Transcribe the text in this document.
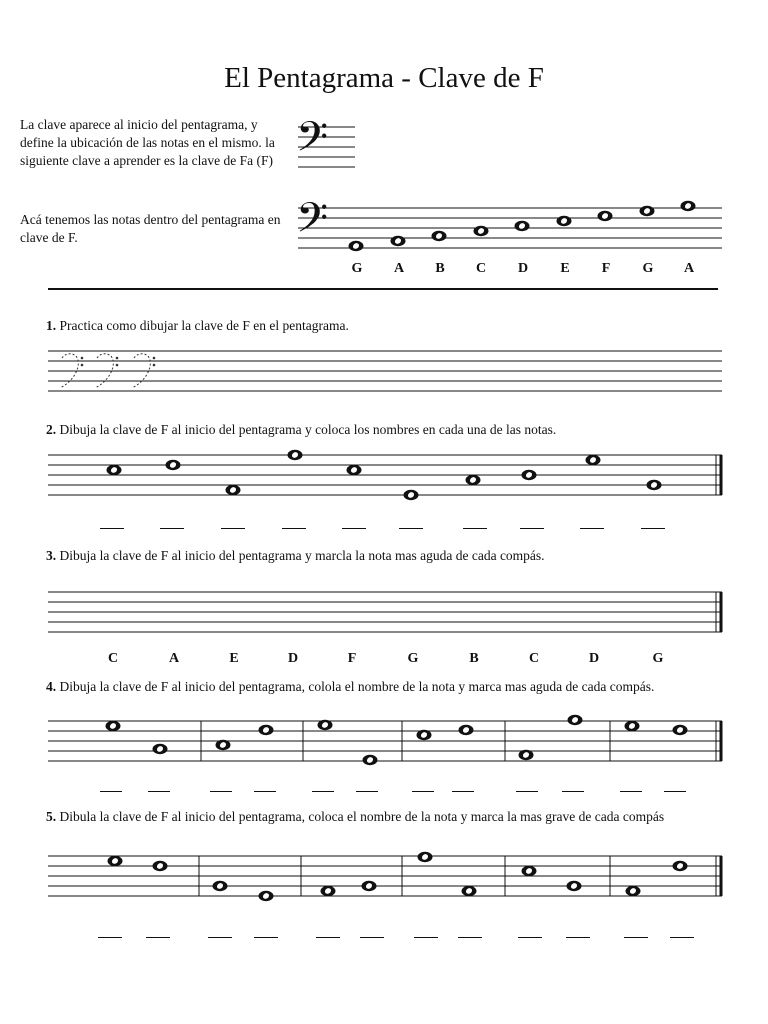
El Pentagrama - Clave de F
La clave aparece al inicio del pentagrama, y define la ubicación de las notas en el mismo. la siguiente clave a aprender es la clave de Fa (F)
Acá tenemos las notas dentro del pentagrama en clave de F.
𝄢
𝄢
G	A	B	C	D	E	F	G	A
1. Practica como dibujar la clave de F en el pentagrama.
2. Dibuja la clave de F al inicio del pentagrama y coloca los nombres en cada una de las notas.
3. Dibuja la clave de F al inicio del pentagrama y marcla la nota mas aguda de cada compás.
4. Dibuja la clave de F al inicio del pentagrama, colola el nombre de la nota y marca mas aguda de cada compás.
5. Dibula la clave de F al inicio del pentagrama, coloca el nombre de la nota y marca la mas grave de cada compás
C	A	E	D	F	G	B	C	D	G
